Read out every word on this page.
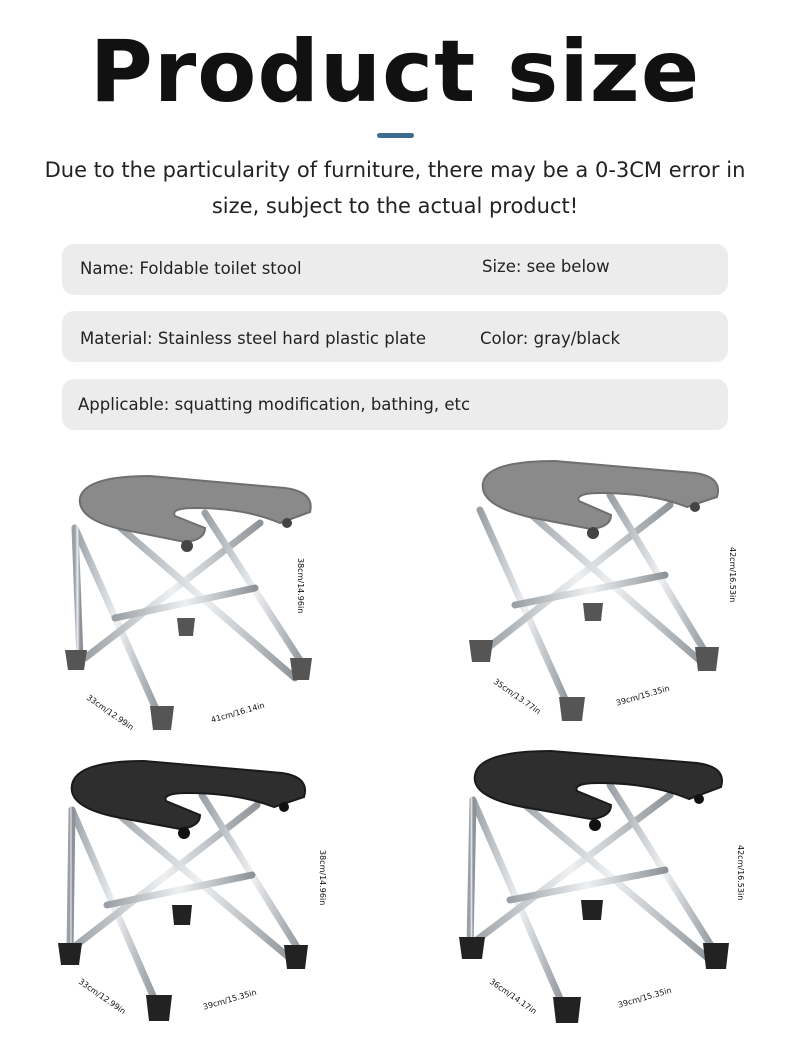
Product size
Due to the particularity of furniture, there may be a 0-3CM error in size, subject to the actual product!
Name: Foldable toilet stool	Size: see below
Material: Stainless steel hard plastic plate	Color: gray/black
Applicable: squatting modification, bathing, etc
38cm/14.96in
33cm/12.99in	41cm/16.14in
42cm/16.53in
35cm/13.77in	39cm/15.35in
38cm/14.96in
33cm/12.99in	39cm/15.35in
42cm/16.53in
36cm/14.17in	39cm/15.35in
